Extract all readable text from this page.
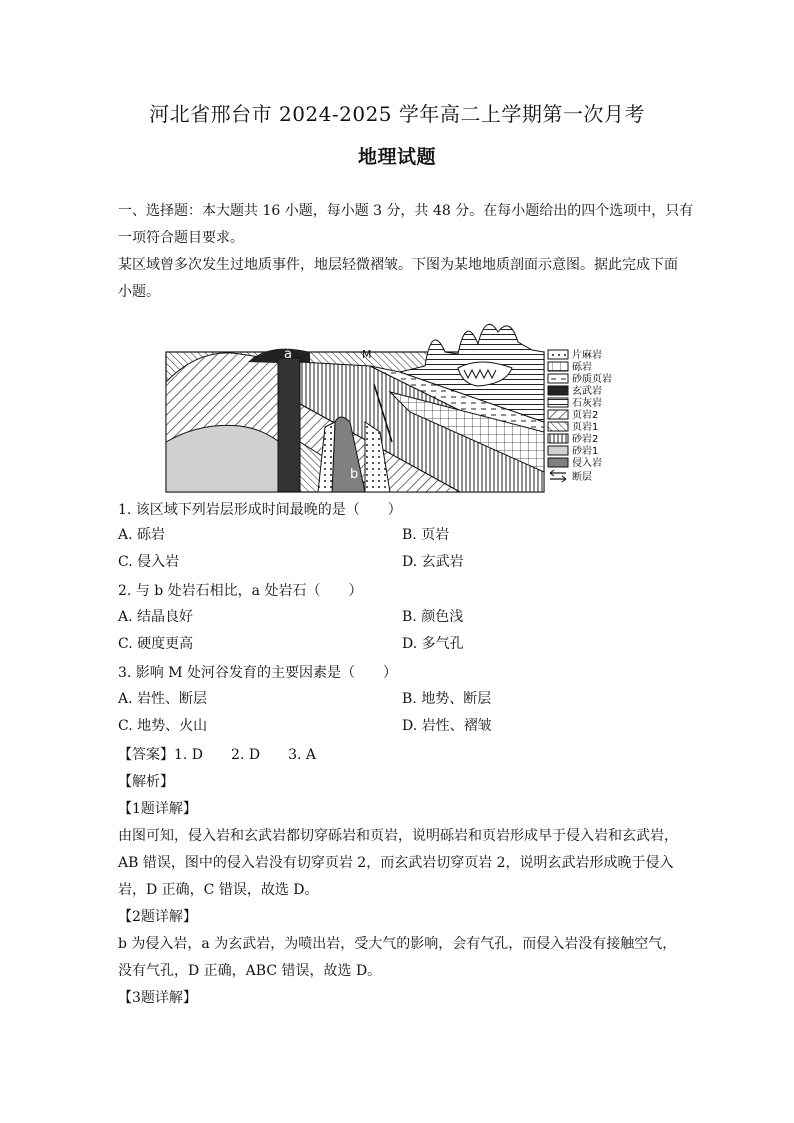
河北省邢台市 2024-2025 学年高二上学期第一次月考
地理试题
一、选择题：本大题共 16 小题，每小题 3 分，共 48 分。在每小题给出的四个选项中，只有
一项符合题目要求。
某区域曾多次发生过地质事件，地层轻微褶皱。下图为某地地质剖面示意图。据此完成下面
小题。
a
b
M	片麻岩
砾岩
砂质页岩
玄武岩
石灰岩
页岩2
页岩1
砂岩2
砂岩1
侵入岩
断层
1. 该区域下列岩层形成时间最晚的是（　　）
A. 砾岩	B. 页岩
C. 侵入岩	D. 玄武岩
2. 与 b 处岩石相比，a 处岩石（　　）
A. 结晶良好	B. 颜色浅
C. 硬度更高	D. 多气孔
3. 影响 M 处河谷发育的主要因素是（　　）
A. 岩性、断层	B. 地势、断层
C. 地势、火山	D. 岩性、褶皱
【答案】1. D　　2. D　　3. A
【解析】
【1题详解】
由图可知，侵入岩和玄武岩都切穿砾岩和页岩，说明砾岩和页岩形成早于侵入岩和玄武岩，
AB 错误，图中的侵入岩没有切穿页岩 2，而玄武岩切穿页岩 2，说明玄武岩形成晚于侵入
岩，D 正确，C 错误，故选 D。
【2题详解】
b 为侵入岩，a 为玄武岩，为喷出岩，受大气的影响，会有气孔，而侵入岩没有接触空气，
没有气孔，D 正确，ABC 错误，故选 D。
【3题详解】
